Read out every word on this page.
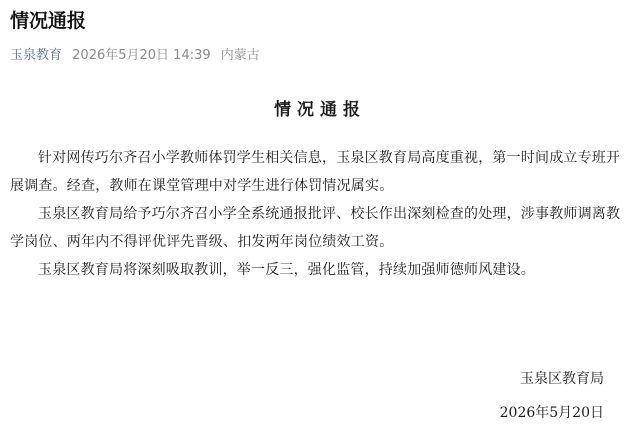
情况通报
玉泉教育 2026年5月20日 14:39 内蒙古
情况通报

针对网传巧尔齐召小学教师体罚学生相关信息，玉泉区教育局高度重视，第一时间成立专班开展调查。经查，教师在课堂管理中对学生进行体罚情况属实。

玉泉区教育局给予巧尔齐召小学全系统通报批评、校长作出深刻检查的处理，涉事教师调离教学岗位、两年内不得评优评先晋级、扣发两年岗位绩效工资。

玉泉区教育局将深刻吸取教训，举一反三，强化监管，持续加强师德师风建设。

玉泉区教育局
2026年5月20日
